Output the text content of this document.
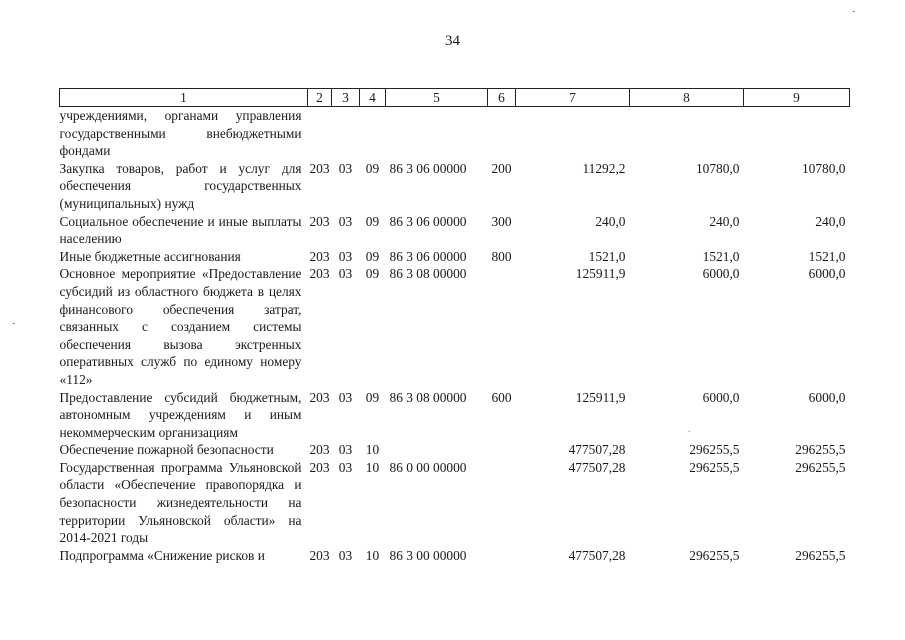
34
1	2	3	4	5	6	7	8	9
учреждениями, органами управления государственными внебюджетными фондами								
Закупка товаров, работ и услуг для обеспечения государственных (муниципальных) нужд	203	03	09	86 3 06 00000	200	11292,2	10780,0	10780,0
Социальное обеспечение и иные выплаты населению	203	03	09	86 3 06 00000	300	240,0	240,0	240,0
Иные бюджетные ассигнования	203	03	09	86 3 06 00000	800	1521,0	1521,0	1521,0
Основное мероприятие «Предоставление субсидий из областного бюджета в целях финансового обеспечения затрат, связанных с созданием системы обеспечения вызова экстренных оперативных служб по единому номеру «112»	203	03	09	86 3 08 00000		125911,9	6000,0	6000,0
Предоставление субсидий бюджетным, автономным учреждениям и иным некоммерческим организациям	203	03	09	86 3 08 00000	600	125911,9	6000,0	6000,0
Обеспечение пожарной безопасности	203	03	10			477507,28	296255,5	296255,5
Государственная программа Ульяновской области «Обеспечение правопорядка и безопасности жизнедеятельности на территории Ульяновской области» на 2014-2021 годы	203	03	10	86 0 00 00000		477507,28	296255,5	296255,5
Подпрограмма «Снижение рисков и	203	03	10	86 3 00 00000		477507,28	296255,5	296255,5
-
.
-
